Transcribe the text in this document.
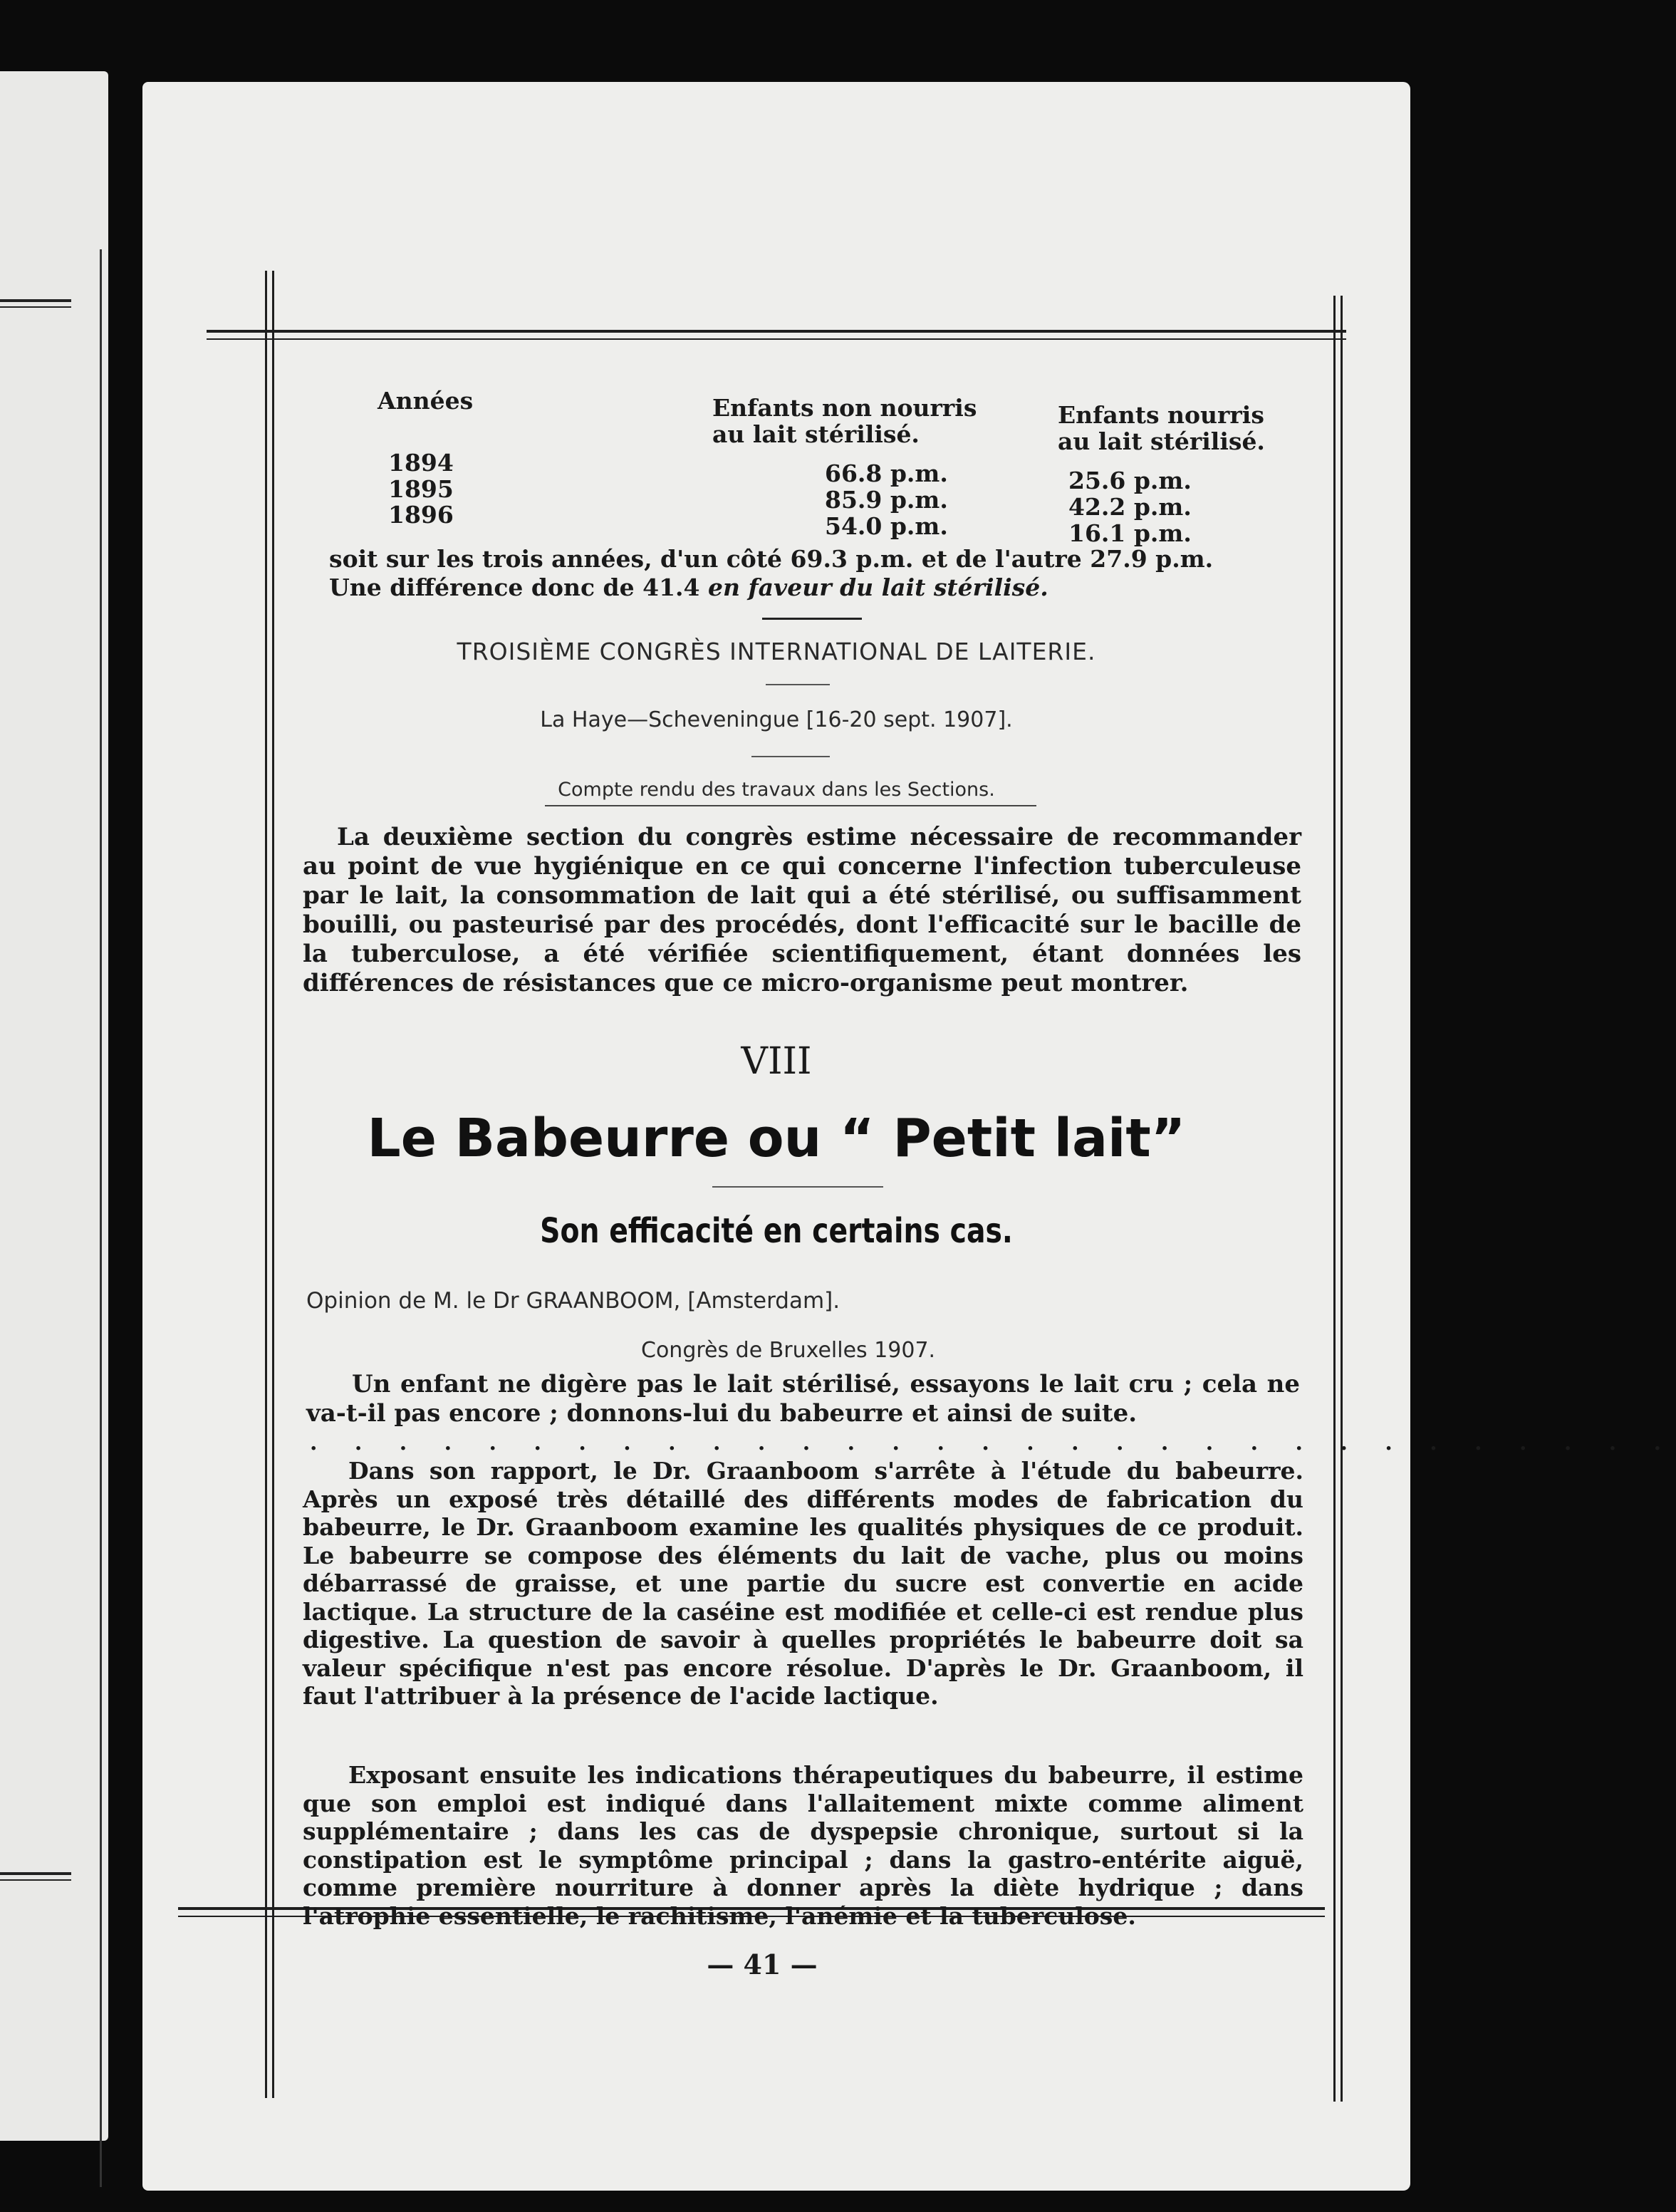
Années	Enfants non nourris
au lait stérilisé.
Enfants nourris
au lait stérilisé.
1894
1895
1896
66.8 p.m.
85.9 p.m.
54.0 p.m.
25.6 p.m.
42.2 p.m.
16.1 p.m.
soit sur les trois années, d'un côté 69.3 p.m. et de l'autre 27.9 p.m.
Une différence donc de 41.4 en faveur du lait stérilisé.
TROISIÈME CONGRÈS INTERNATIONAL DE LAITERIE.
La Haye—Scheveningue [16-20 sept. 1907].
Compte rendu des travaux dans les Sections.
La deuxième section du congrès estime nécessaire de recommander au point de vue hygiénique en ce qui concerne l'infection tuberculeuse par le lait, la consommation de lait qui a été stérilisé, ou suffisamment bouilli, ou pasteurisé par des procédés, dont l'efficacité sur le bacille de la tuberculose, a été vérifiée scientifiquement, étant données les différences de résistances que ce micro-organisme peut montrer.
VIII
Le Babeurre ou “ Petit lait”
Son efficacité en certains cas.
Opinion de M. le Dr GRAANBOOM, [Amsterdam].
Congrès de Bruxelles 1907.
Un enfant ne digère pas le lait stérilisé, essayons le lait cru ; cela ne va-t-il pas encore ; donnons-lui du babeurre et ainsi de suite.
. . . . . . . . . . . . . . . . . . . . . . . . . . . . . . .
Dans son rapport, le Dr. Graanboom s'arrête à l'étude du babeurre. Après un exposé très détaillé des différents modes de fabrication du babeurre, le Dr. Graanboom examine les qualités physiques de ce produit. Le babeurre se compose des éléments du lait de vache, plus ou moins débarrassé de graisse, et une partie du sucre est convertie en acide lactique. La structure de la caséine est modifiée et celle-ci est rendue plus digestive. La question de savoir à quelles propriétés le babeurre doit sa valeur spécifique n'est pas encore résolue. D'après le Dr. Graanboom, il faut l'attribuer à la présence de l'acide lactique.
Exposant ensuite les indications thérapeutiques du babeurre, il estime que son emploi est indiqué dans l'allaitement mixte comme aliment supplémentaire ; dans les cas de dyspepsie chronique, surtout si la constipation est le symptôme principal ; dans la gastro-entérite aiguë, comme première nourriture à donner après la diète hydrique ; dans l'atrophie essentielle, le rachitisme, l'anémie et la tuberculose.
— 41 —
